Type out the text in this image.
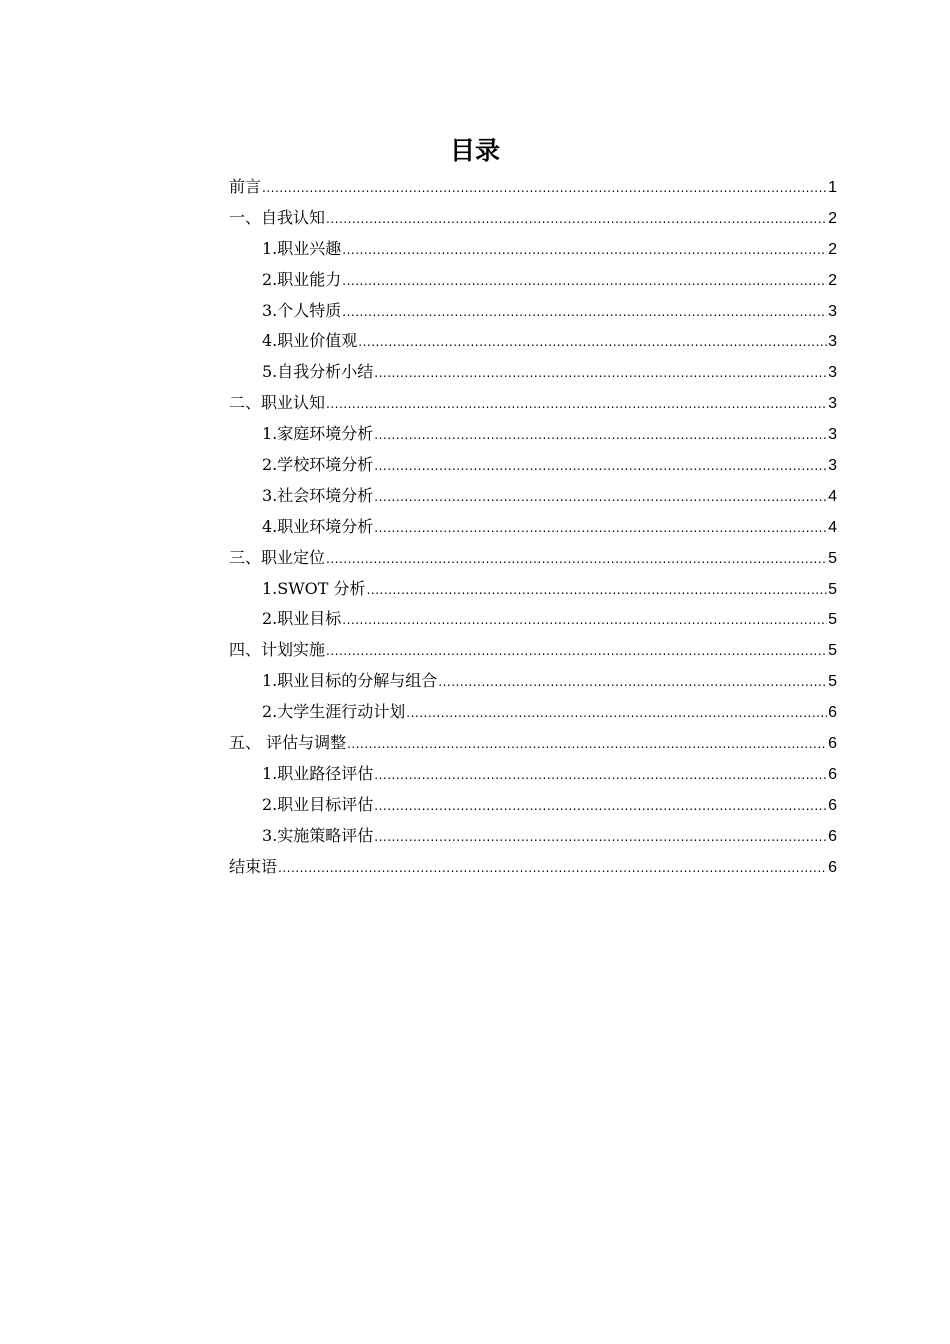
目录
前言 .....	1
一、自我认知 .....	2
1.职业兴趣 .....	2
2.职业能力 .....	2
3.个人特质 .....	3
4.职业价值观 .....	3
5.自我分析小结 .....	3
二、职业认知 .....	3
1.家庭环境分析 .....	3
2.学校环境分析 .....	3
3.社会环境分析 .....	4
4.职业环境分析 .....	4
三、职业定位 .....	5
1.SWOT 分析 .....	5
2.职业目标 .....	5
四、计划实施 .....	5
1.职业目标的分解与组合 .....	5
2.大学生涯行动计划 .....	6
五、 评估与调整 .....	6
1.职业路径评估 .....	6
2.职业目标评估 .....	6
3.实施策略评估 .....	6
结束语 .....	6
